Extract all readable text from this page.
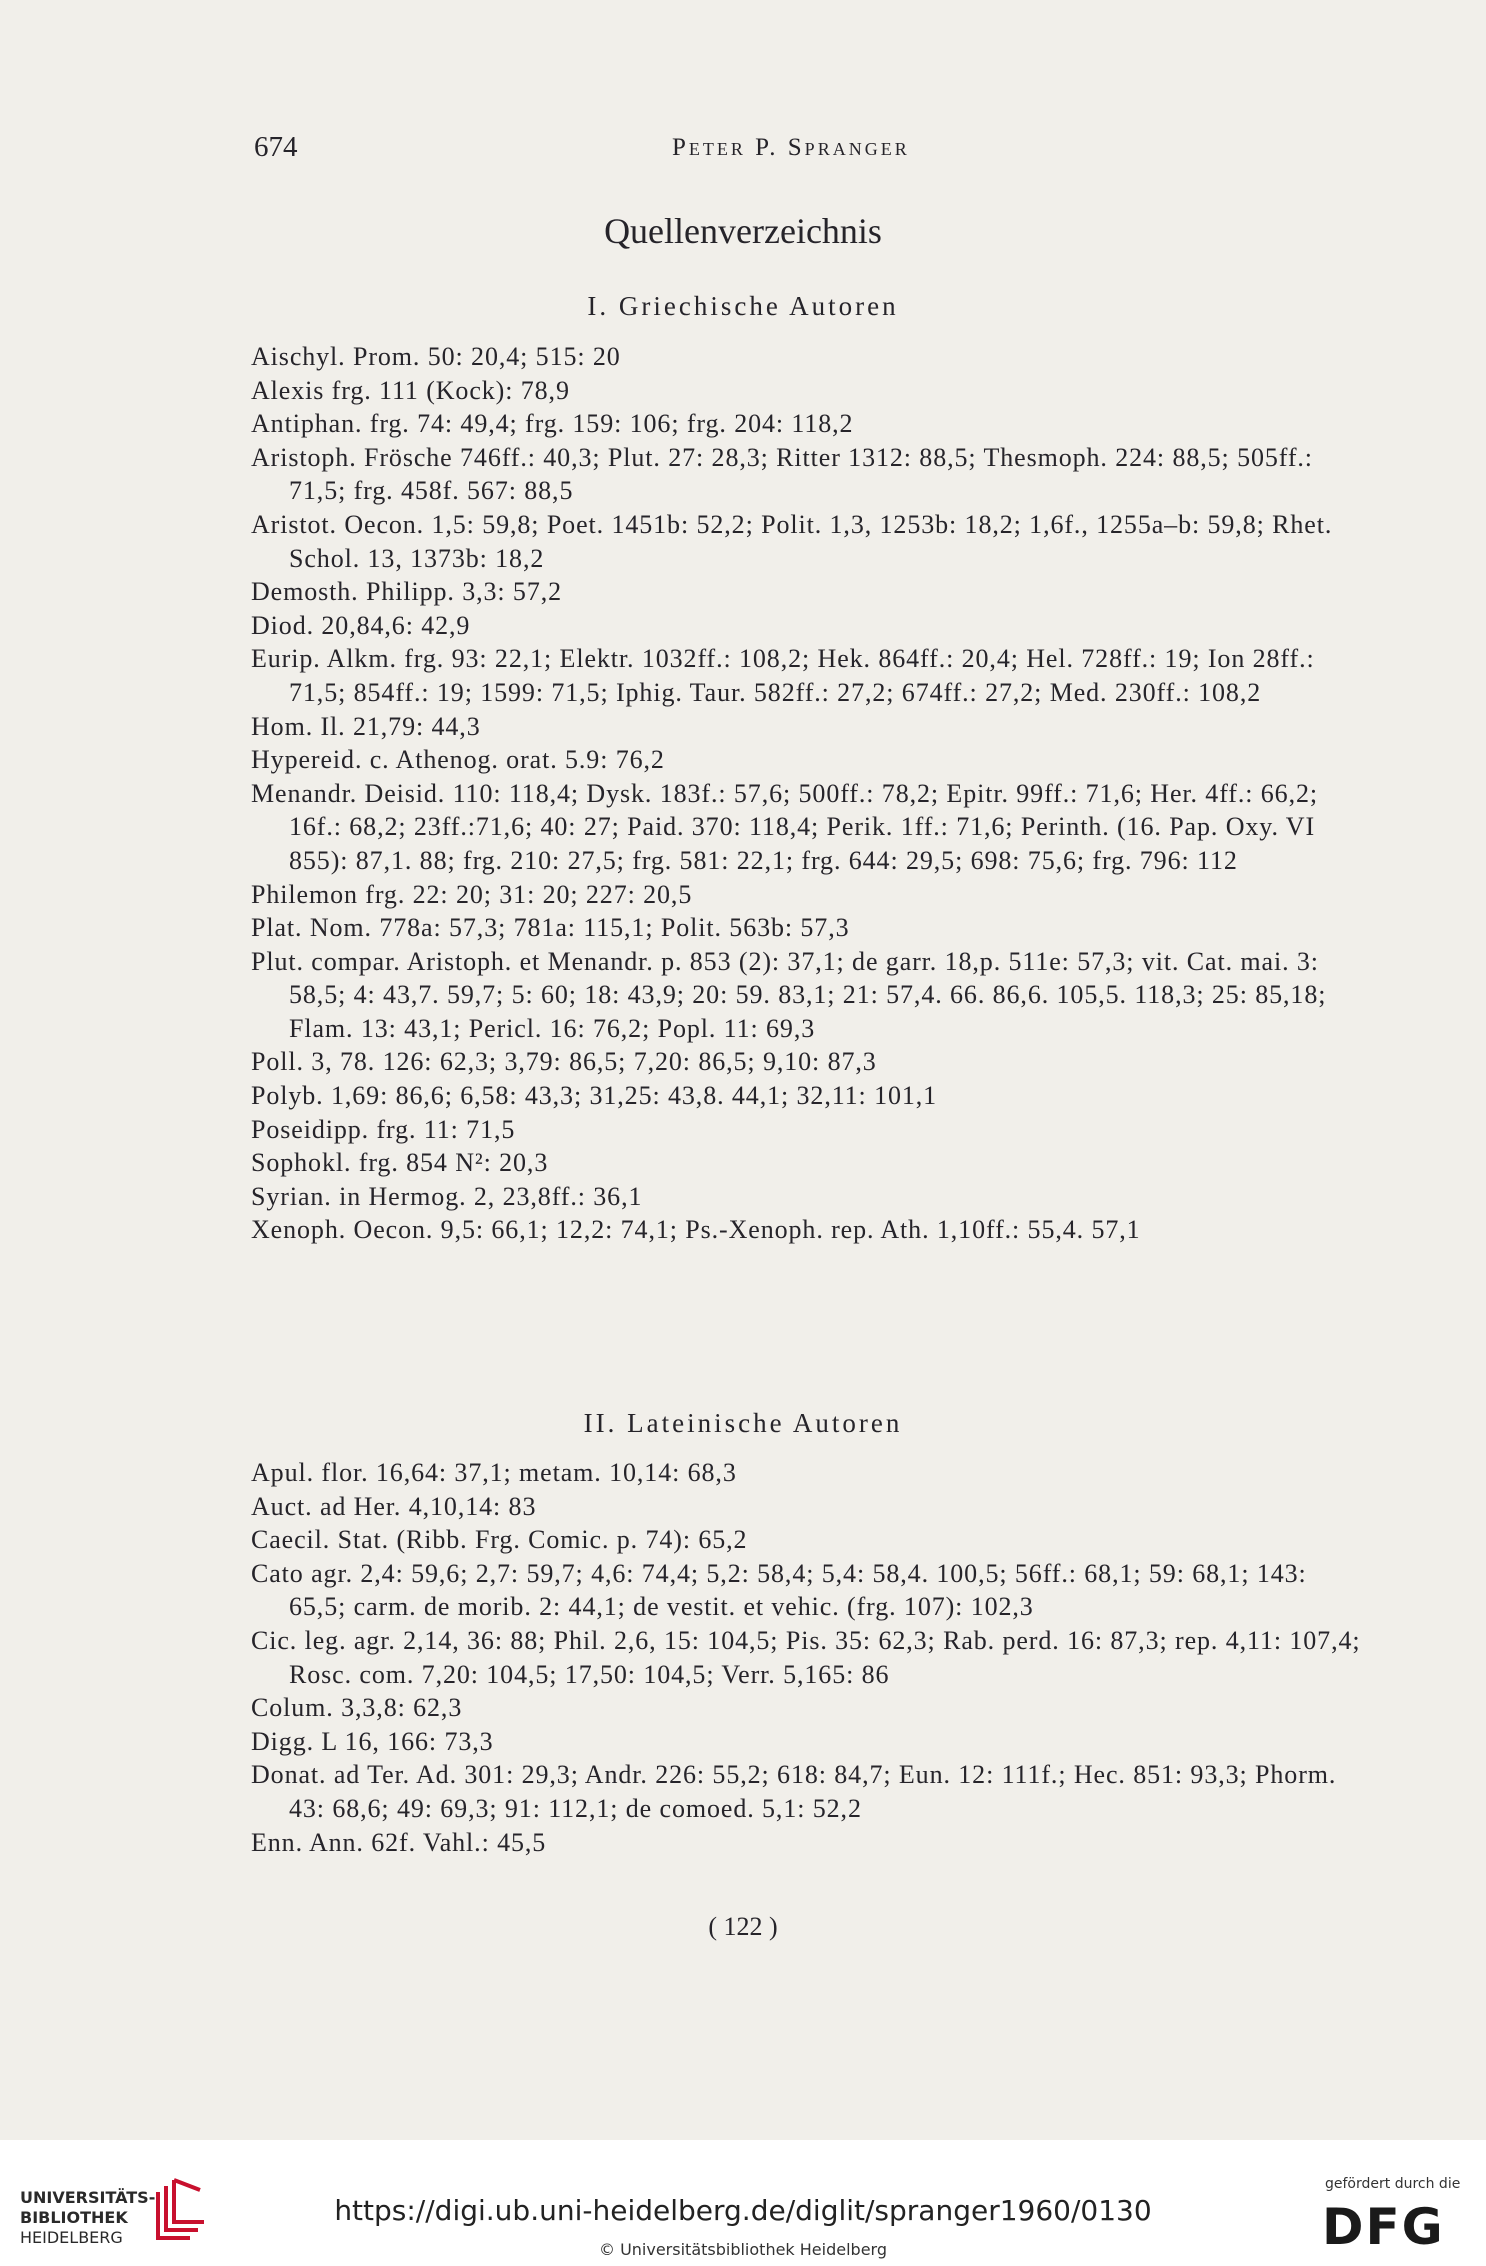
674	Peter P. Spranger
Quellenverzeichnis
I. Griechische Autoren
Aischyl. Prom. 50: 20,4; 515: 20
Alexis frg. 111 (Kock): 78,9
Antiphan. frg. 74: 49,4; frg. 159: 106; frg. 204: 118,2
Aristoph. Frösche 746ff.: 40,3; Plut. 27: 28,3; Ritter 1312: 88,5; Thesmoph. 224: 88,5; 505ff.: 71,5; frg. 458f. 567: 88,5
Aristot. Oecon. 1,5: 59,8; Poet. 1451b: 52,2; Polit. 1,3, 1253b: 18,2; 1,6f., 1255a–b: 59,8; Rhet. Schol. 13, 1373b: 18,2
Demosth. Philipp. 3,3: 57,2
Diod. 20,84,6: 42,9
Eurip. Alkm. frg. 93: 22,1; Elektr. 1032ff.: 108,2; Hek. 864ff.: 20,4; Hel. 728ff.: 19; Ion 28ff.: 71,5; 854ff.: 19; 1599: 71,5; Iphig. Taur. 582ff.: 27,2; 674ff.: 27,2; Med. 230ff.: 108,2
Hom. Il. 21,79: 44,3
Hypereid. c. Athenog. orat. 5.9: 76,2
Menandr. Deisid. 110: 118,4; Dysk. 183f.: 57,6; 500ff.: 78,2; Epitr. 99ff.: 71,6; Her. 4ff.: 66,2; 16f.: 68,2; 23ff.:71,6; 40: 27; Paid. 370: 118,4; Perik. 1ff.: 71,6; Perinth. (16. Pap. Oxy. VI 855): 87,1. 88; frg. 210: 27,5; frg. 581: 22,1; frg. 644: 29,5; 698: 75,6; frg. 796: 112
Philemon frg. 22: 20; 31: 20; 227: 20,5
Plat. Nom. 778a: 57,3; 781a: 115,1; Polit. 563b: 57,3
Plut. compar. Aristoph. et Menandr. p. 853 (2): 37,1; de garr. 18,p. 511e: 57,3; vit. Cat. mai. 3: 58,5; 4: 43,7. 59,7; 5: 60; 18: 43,9; 20: 59. 83,1; 21: 57,4. 66. 86,6. 105,5. 118,3; 25: 85,18; Flam. 13: 43,1; Pericl. 16: 76,2; Popl. 11: 69,3
Poll. 3, 78. 126: 62,3; 3,79: 86,5; 7,20: 86,5; 9,10: 87,3
Polyb. 1,69: 86,6; 6,58: 43,3; 31,25: 43,8. 44,1; 32,11: 101,1
Poseidipp. frg. 11: 71,5
Sophokl. frg. 854 N²: 20,3
Syrian. in Hermog. 2, 23,8ff.: 36,1
Xenoph. Oecon. 9,5: 66,1; 12,2: 74,1; Ps.-Xenoph. rep. Ath. 1,10ff.: 55,4. 57,1
II. Lateinische Autoren
Apul. flor. 16,64: 37,1; metam. 10,14: 68,3
Auct. ad Her. 4,10,14: 83
Caecil. Stat. (Ribb. Frg. Comic. p. 74): 65,2
Cato agr. 2,4: 59,6; 2,7: 59,7; 4,6: 74,4; 5,2: 58,4; 5,4: 58,4. 100,5; 56ff.: 68,1; 59: 68,1; 143: 65,5; carm. de morib. 2: 44,1; de vestit. et vehic. (frg. 107): 102,3
Cic. leg. agr. 2,14, 36: 88; Phil. 2,6, 15: 104,5; Pis. 35: 62,3; Rab. perd. 16: 87,3; rep. 4,11: 107,4; Rosc. com. 7,20: 104,5; 17,50: 104,5; Verr. 5,165: 86
Colum. 3,3,8: 62,3
Digg. L 16, 166: 73,3
Donat. ad Ter. Ad. 301: 29,3; Andr. 226: 55,2; 618: 84,7; Eun. 12: 111f.; Hec. 851: 93,3; Phorm. 43: 68,6; 49: 69,3; 91: 112,1; de comoed. 5,1: 52,2
Enn. Ann. 62f. Vahl.: 45,5
( 122 )
UNIVERSITÄTS-
BIBLIOTHEK
HEIDELBERG
https://digi.ub.uni-heidelberg.de/diglit/spranger1960/0130
© Universitätsbibliothek Heidelberg
gefördert durch die
DFG
